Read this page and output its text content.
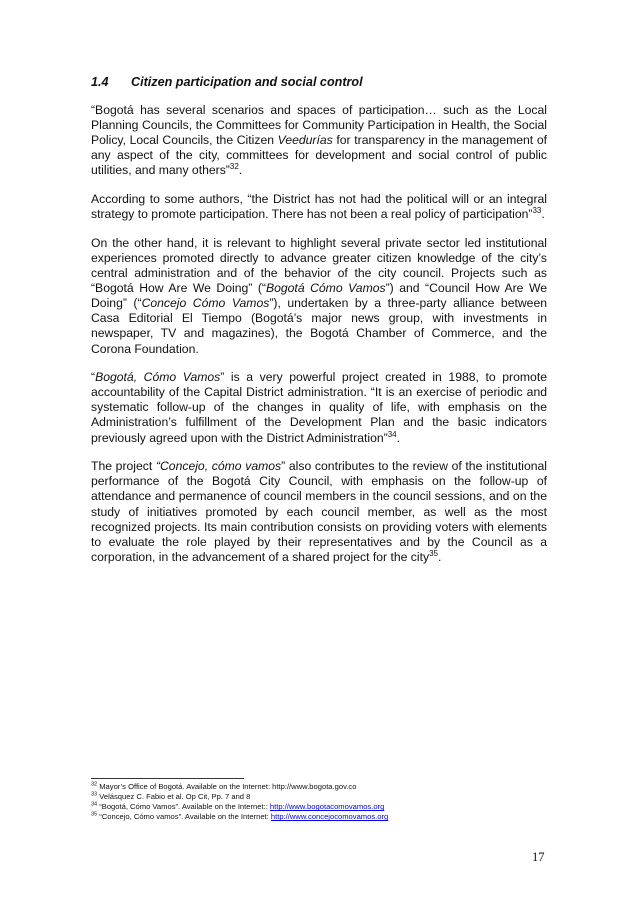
1.4 Citizen participation and social control

“Bogotá has several scenarios and spaces of participation… such as the Local Planning Councils, the Committees for Community Participation in Health, the Social Policy, Local Councils, the Citizen Veedurías for transparency in the management of any aspect of the city, committees for development and social control of public utilities, and many others”$^{32}$.

According to some authors, “the District has not had the political will or an integral strategy to promote participation. There has not been a real policy of participation”$^{33}$.

On the other hand, it is relevant to highlight several private sector led institutional experiences promoted directly to advance greater citizen knowledge of the city’s central administration and of the behavior of the city council. Projects such as “Bogotá How Are We Doing” (“Bogotá Cómo Vamos”) and “Council How Are We Doing” (“Concejo Cómo Vamos”), undertaken by a three-party alliance between Casa Editorial El Tiempo (Bogotá’s major news group, with investments in newspaper, TV and magazines), the Bogotá Chamber of Commerce, and the Corona Foundation.

“Bogotá, Cómo Vamos” is a very powerful project created in 1988, to promote accountability of the Capital District administration. “It is an exercise of periodic and systematic follow-up of the changes in quality of life, with emphasis on the Administration’s fulfillment of the Development Plan and the basic indicators previously agreed upon with the District Administration”$^{34}$.

The project “Concejo, cómo vamos” also contributes to the review of the institutional performance of the Bogotá City Council, with emphasis on the follow-up of attendance and permanence of council members in the council sessions, and on the study of initiatives promoted by each council member, as well as the most recognized projects. Its main contribution consists on providing voters with elements to evaluate the role played by their representatives and by the Council as a corporation, in the advancement of a shared project for the city$^{35}$.

$^{32}$ Mayor’s Office of Bogotá. Available on the Internet: http://www.bogota.gov.co
$^{33}$ Velásquez C. Fabio et al. Op Cit, Pp. 7 and 8
$^{34}$ “Bogotá, Cómo Vamos”. Available on the Internet:: http://www.bogotacomovamos.org
$^{35}$ “Concejo, Cómo vamos”. Available on the Internet: http://www.concejocomovamos.org
17
